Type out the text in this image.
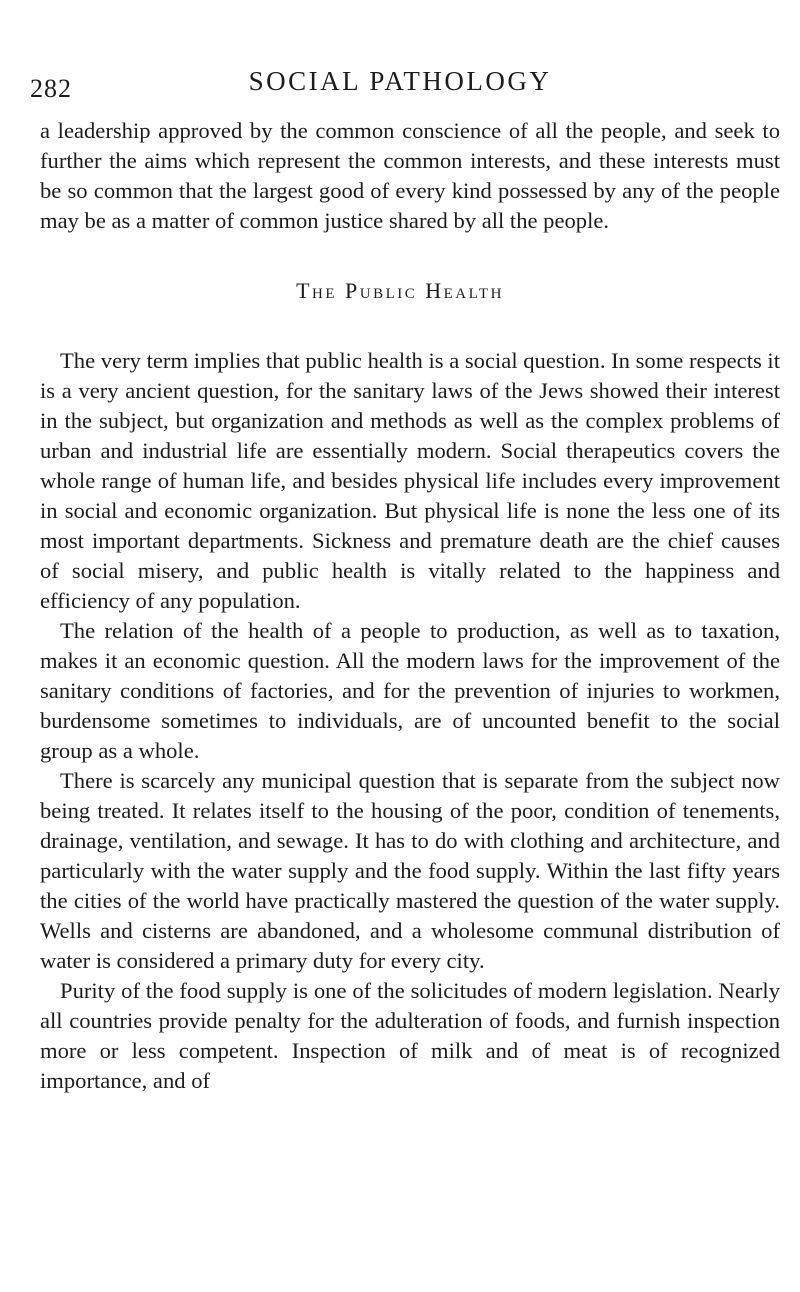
282	SOCIAL PATHOLOGY

a leadership approved by the common conscience of all the people, and seek to further the aims which represent the common interests, and these interests must be so common that the largest good of every kind possessed by any of the people may be as a matter of common justice shared by all the people.

The Public Health

The very term implies that public health is a social question. In some respects it is a very ancient question, for the sanitary laws of the Jews showed their interest in the subject, but organization and methods as well as the complex problems of urban and industrial life are essentially modern. Social therapeutics covers the whole range of human life, and besides physical life includes every improvement in social and economic organization. But physical life is none the less one of its most important departments. Sickness and premature death are the chief causes of social misery, and public health is vitally related to the happiness and efficiency of any population.

The relation of the health of a people to production, as well as to taxation, makes it an economic question. All the modern laws for the improvement of the sanitary conditions of factories, and for the prevention of injuries to workmen, burdensome sometimes to individuals, are of uncounted benefit to the social group as a whole.

There is scarcely any municipal question that is separate from the subject now being treated. It relates itself to the housing of the poor, condition of tenements, drainage, ventilation, and sewage. It has to do with clothing and architecture, and particularly with the water supply and the food supply. Within the last fifty years the cities of the world have practically mastered the question of the water supply. Wells and cisterns are abandoned, and a wholesome communal distribution of water is considered a primary duty for every city.

Purity of the food supply is one of the solicitudes of modern legislation. Nearly all countries provide penalty for the adulteration of foods, and furnish inspection more or less competent. Inspection of milk and of meat is of recognized importance, and of
